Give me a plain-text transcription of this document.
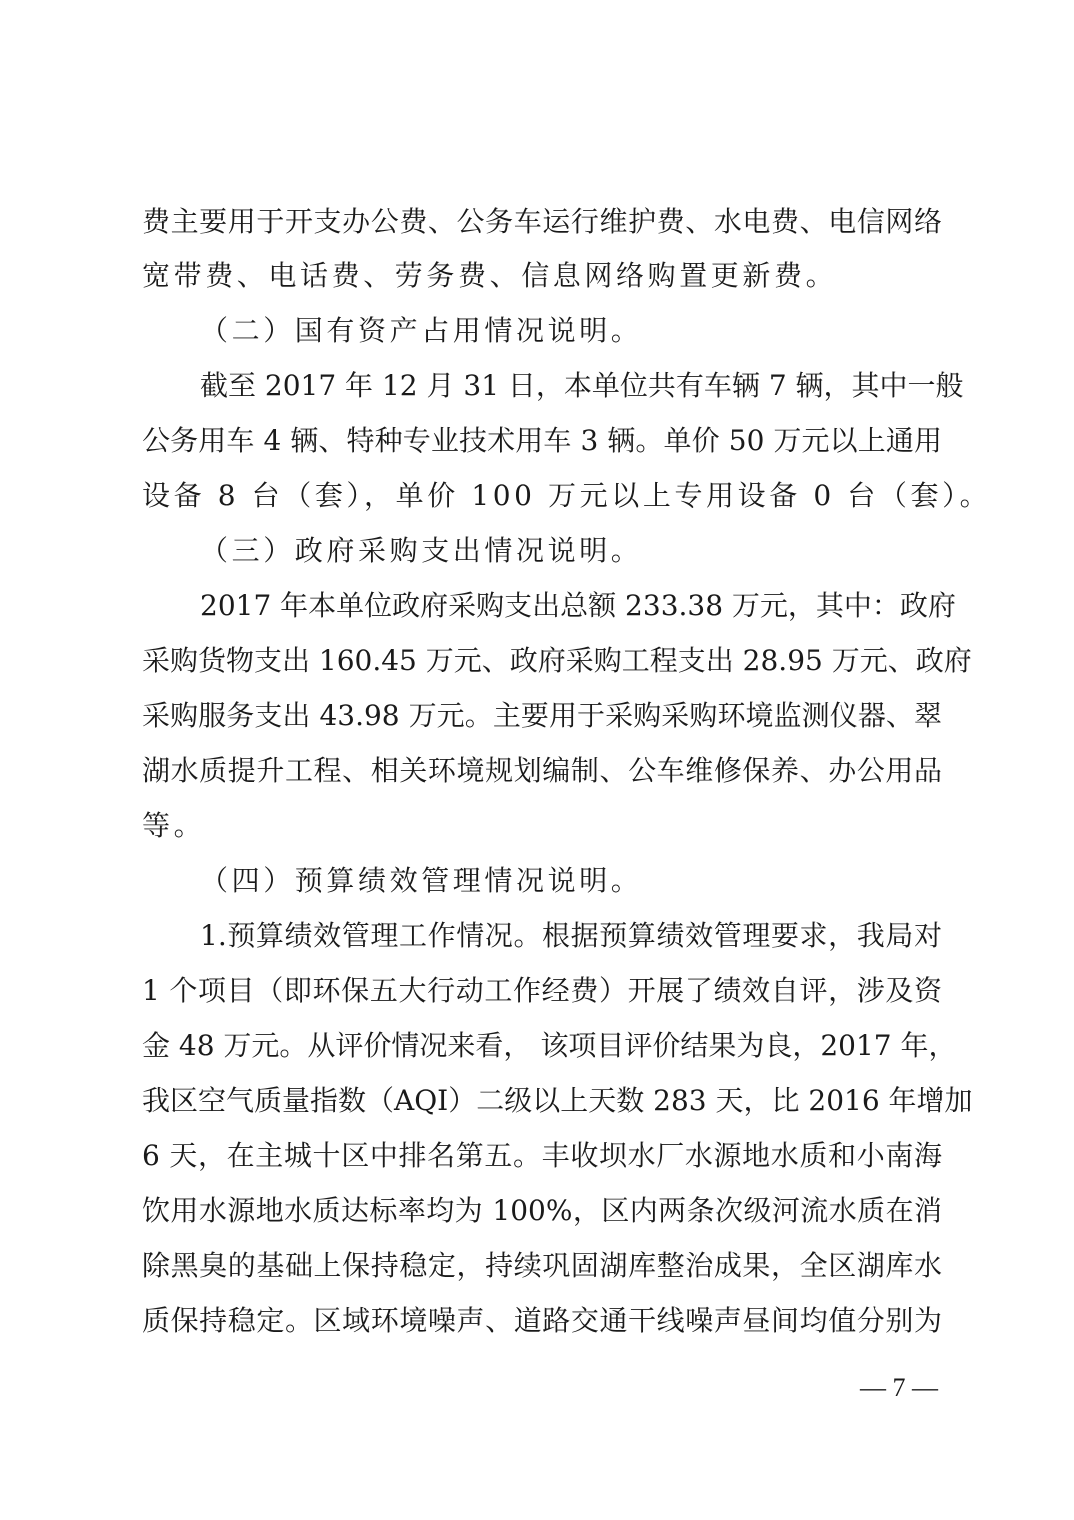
费主要用于开支办公费、公务车运行维护费、水电费、电信网络
宽带费、电话费、劳务费、信息网络购置更新费。
（二）国有资产占用情况说明。
截至 2017 年 12 月 31 日，本单位共有车辆 7 辆，其中一般
公务用车 4 辆、特种专业技术用车 3 辆。单价 50 万元以上通用
设备 8 台（套），单价 100 万元以上专用设备 0 台（套）。
（三）政府采购支出情况说明。
2017 年本单位政府采购支出总额 233.38 万元，其中：政府
采购货物支出 160.45 万元、政府采购工程支出 28.95 万元、政府
采购服务支出 43.98 万元。主要用于采购采购环境监测仪器、翠
湖水质提升工程、相关环境规划编制、公车维修保养、办公用品
等。
（四）预算绩效管理情况说明。
1.预算绩效管理工作情况。根据预算绩效管理要求，我局对
1 个项目（即环保五大行动工作经费）开展了绩效自评，涉及资
金 48 万元。从评价情况来看， 该项目评价结果为良，2017 年，
我区空气质量指数（AQI）二级以上天数 283 天，比 2016 年增加
6 天，在主城十区中排名第五。丰收坝水厂水源地水质和小南海
饮用水源地水质达标率均为 100%，区内两条次级河流水质在消
除黑臭的基础上保持稳定，持续巩固湖库整治成果，全区湖库水
质保持稳定。区域环境噪声、道路交通干线噪声昼间均值分别为
— 7 —
